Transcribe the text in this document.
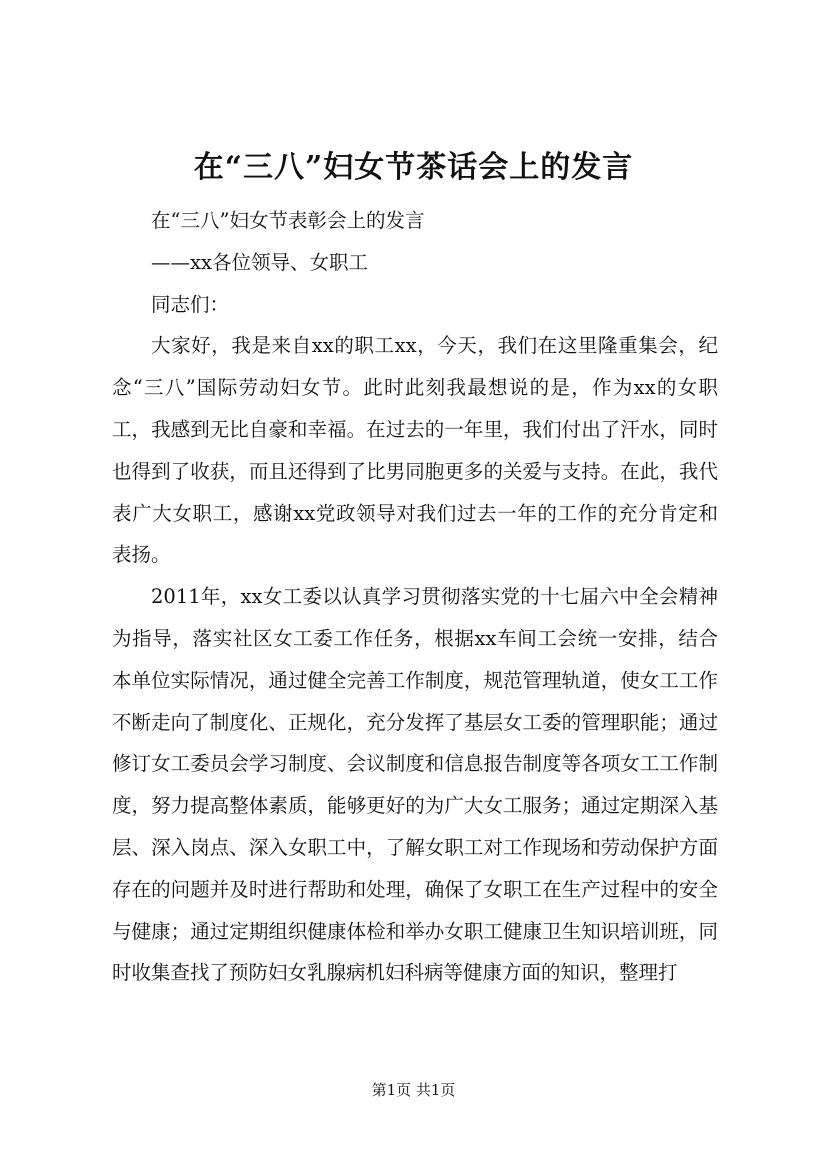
在“三八”妇女节茶话会上的发言

在“三八”妇女节表彰会上的发言

——xx各位领导、女职工

同志们：

大家好，我是来自xx的职工xx，今天，我们在这里隆重集会，纪念“三八”国际劳动妇女节。此时此刻我最想说的是，作为xx的女职工，我感到无比自豪和幸福。在过去的一年里，我们付出了汗水，同时也得到了收获，而且还得到了比男同胞更多的关爱与支持。在此，我代表广大女职工，感谢xx党政领导对我们过去一年的工作的充分肯定和表扬。

2011年，xx女工委以认真学习贯彻落实党的十七届六中全会精神为指导，落实社区女工委工作任务，根据xx车间工会统一安排，结合本单位实际情况，通过健全完善工作制度，规范管理轨道，使女工工作不断走向了制度化、正规化，充分发挥了基层女工委的管理职能；通过修订女工委员会学习制度、会议制度和信息报告制度等各项女工工作制度，努力提高整体素质，能够更好的为广大女工服务；通过定期深入基层、深入岗点、深入女职工中，了解女职工对工作现场和劳动保护方面存在的问题并及时进行帮助和处理，确保了女职工在生产过程中的安全与健康；通过定期组织健康体检和举办女职工健康卫生知识培训班，同时收集查找了预防妇女乳腺病机妇科病等健康方面的知识，整理打

第1页 共1页
